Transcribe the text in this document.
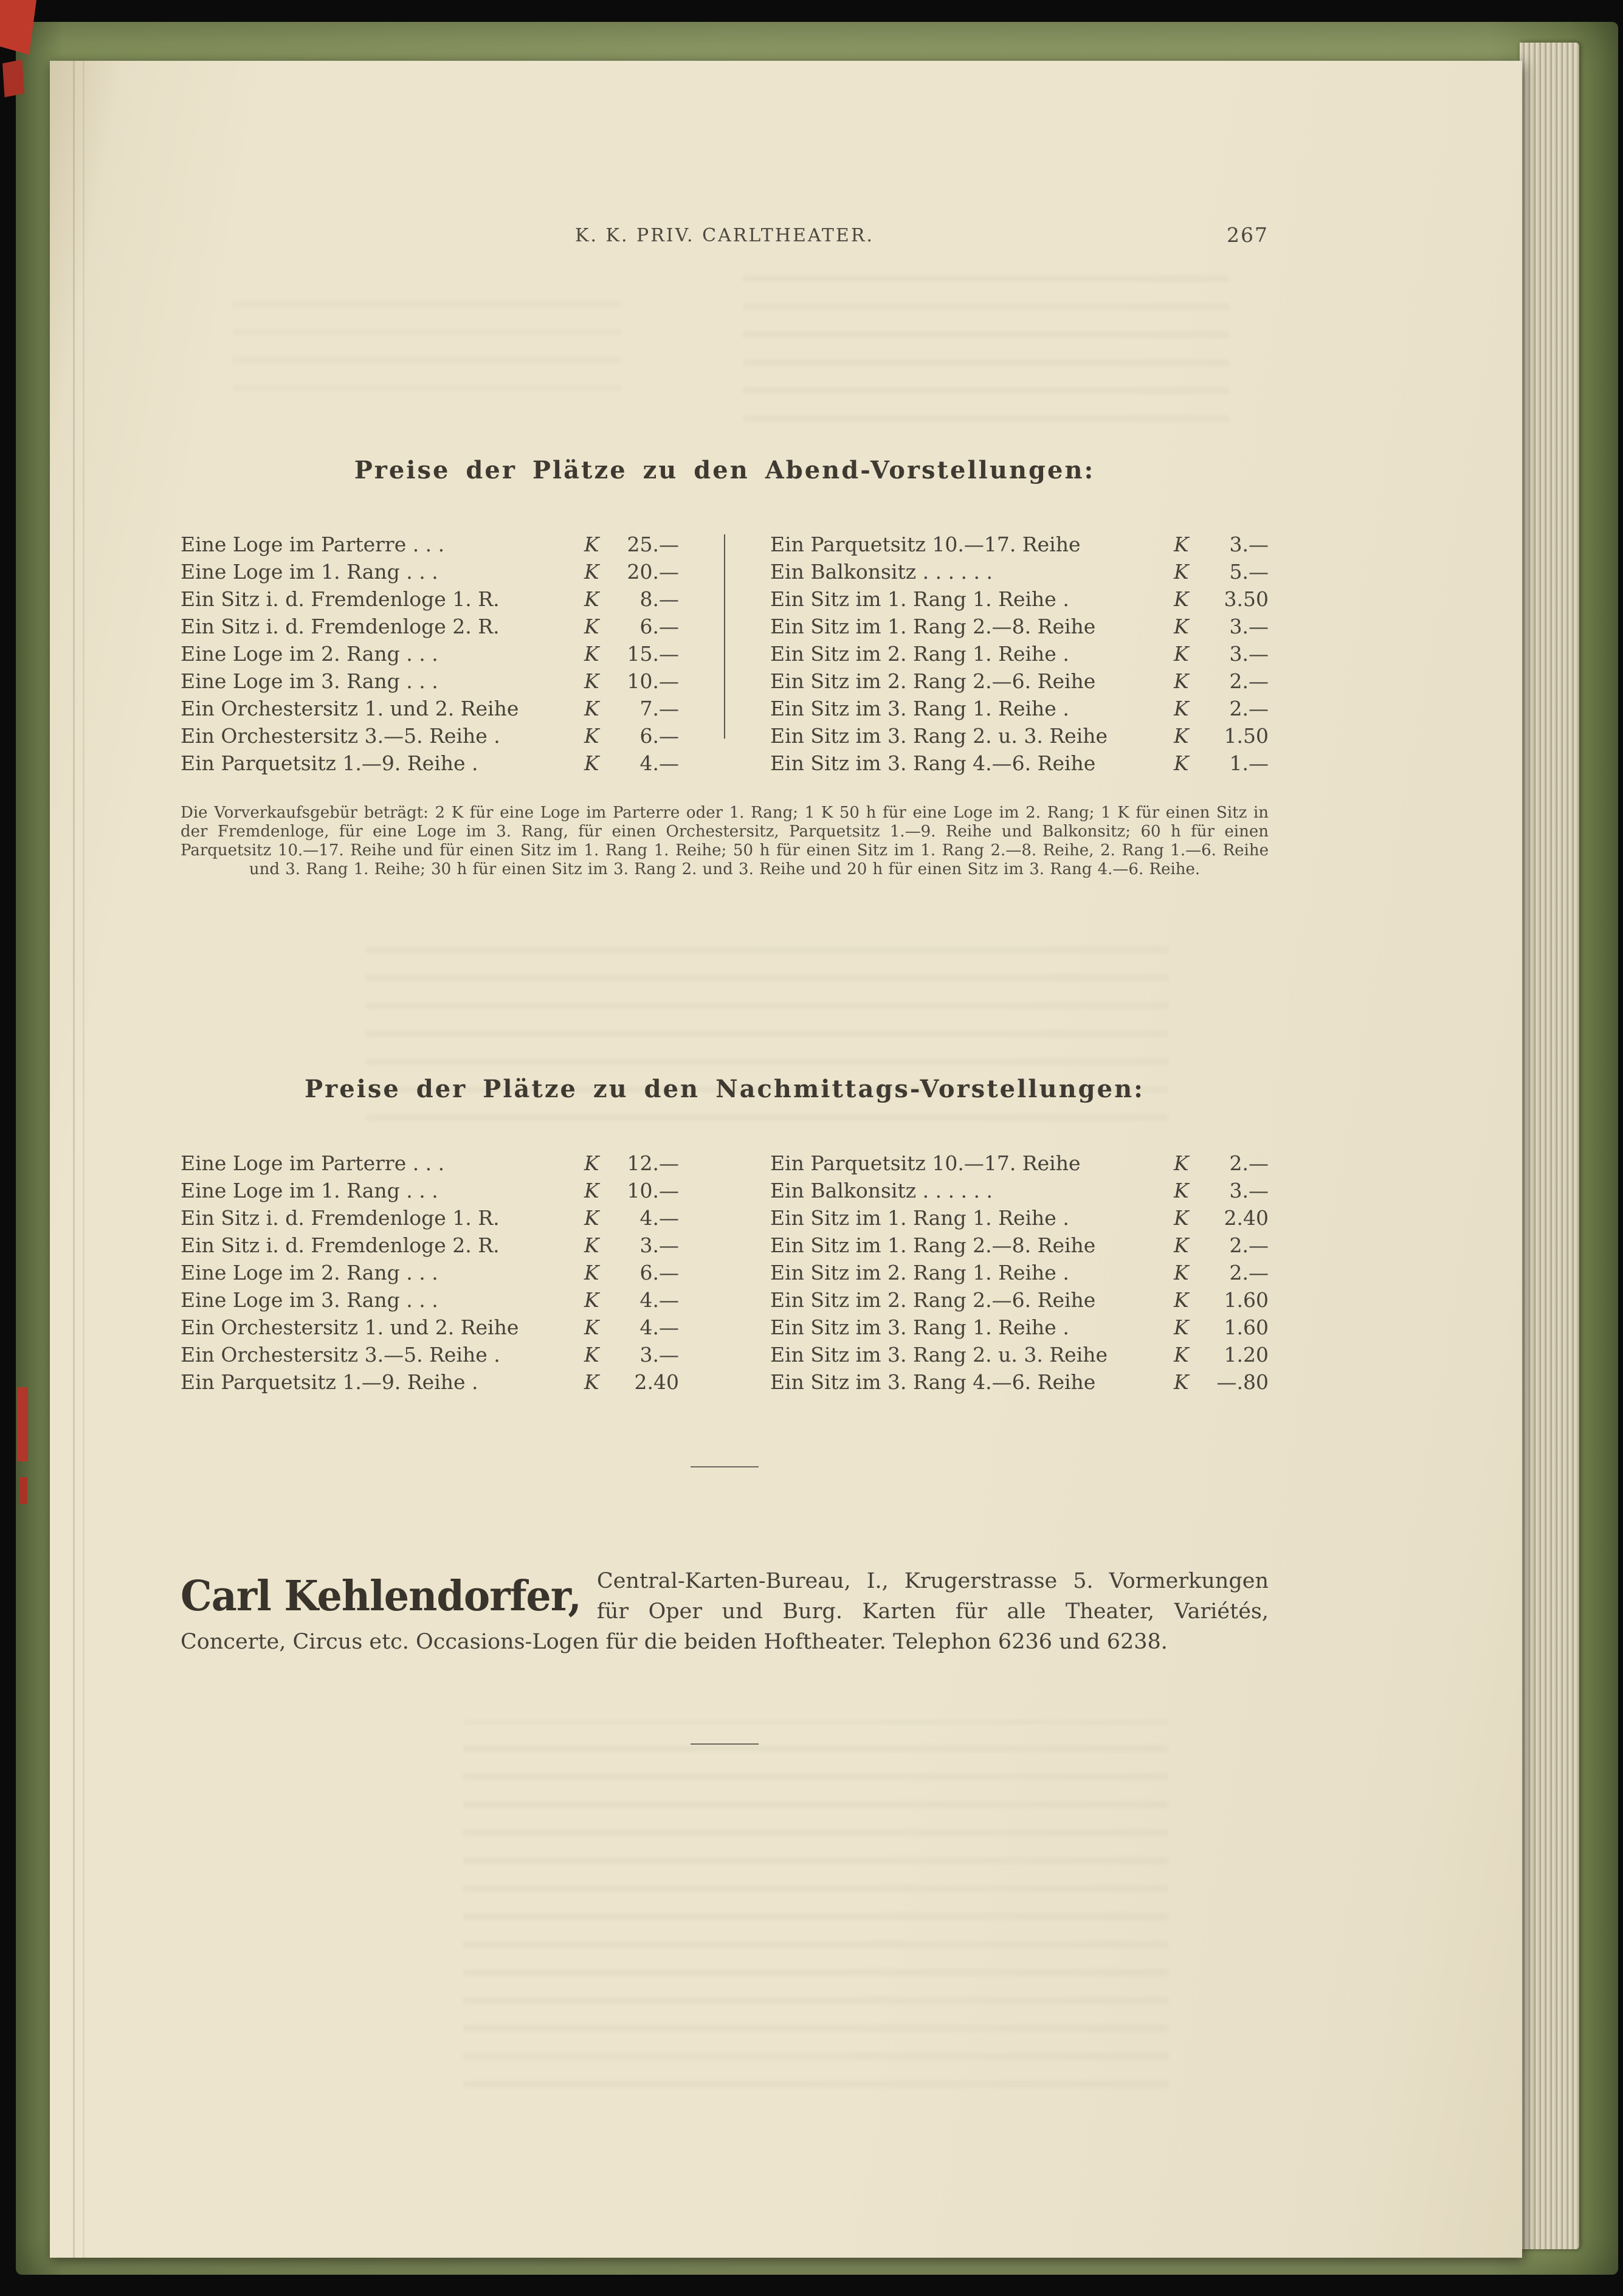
K. K. PRIV. CARLTHEATER.	267
Preise der Plätze zu den Abend-Vorstellungen:
Eine Loge im Parterre . . .	K	25.—
Eine Loge im 1. Rang . . .	K	20.—
Ein Sitz i. d. Fremdenloge 1. R.	K	8.—
Ein Sitz i. d. Fremdenloge 2. R.	K	6.—
Eine Loge im 2. Rang . . .	K	15.—
Eine Loge im 3. Rang . . .	K	10.—
Ein Orchestersitz 1. und 2. Reihe	K	7.—
Ein Orchestersitz 3.—5. Reihe .	K	6.—
Ein Parquetsitz 1.—9. Reihe .	K	4.—
Ein Parquetsitz 10.—17. Reihe	K	3.—
Ein Balkonsitz . . . . . .	K	5.—
Ein Sitz im 1. Rang 1. Reihe .	K	3.50
Ein Sitz im 1. Rang 2.—8. Reihe	K	3.—
Ein Sitz im 2. Rang 1. Reihe .	K	3.—
Ein Sitz im 2. Rang 2.—6. Reihe	K	2.—
Ein Sitz im 3. Rang 1. Reihe .	K	2.—
Ein Sitz im 3. Rang 2. u. 3. Reihe	K	1.50
Ein Sitz im 3. Rang 4.—6. Reihe	K	1.—

Die Vorverkaufsgebür beträgt: 2 K für eine Loge im Parterre oder 1. Rang; 1 K 50 h für eine Loge im 2. Rang; 1 K für einen Sitz in der Fremdenloge, für eine Loge im 3. Rang, für einen Orchestersitz, Parquetsitz 1.—9. Reihe und Balkonsitz; 60 h für einen Parquetsitz 10.—17. Reihe und für einen Sitz im 1. Rang 1. Reihe; 50 h für einen Sitz im 1. Rang 2.—8. Reihe, 2. Rang 1.—6. Reihe und 3. Rang 1. Reihe; 30 h für einen Sitz im 3. Rang 2. und 3. Reihe und 20 h für einen Sitz im 3. Rang 4.—6. Reihe.

Preise der Plätze zu den Nachmittags-Vorstellungen:
Eine Loge im Parterre . . .	K	12.—
Eine Loge im 1. Rang . . .	K	10.—
Ein Sitz i. d. Fremdenloge 1. R.	K	4.—
Ein Sitz i. d. Fremdenloge 2. R.	K	3.—
Eine Loge im 2. Rang . . .	K	6.—
Eine Loge im 3. Rang . . .	K	4.—
Ein Orchestersitz 1. und 2. Reihe	K	4.—
Ein Orchestersitz 3.—5. Reihe .	K	3.—
Ein Parquetsitz 1.—9. Reihe .	K	2.40
Ein Parquetsitz 10.—17. Reihe	K	2.—
Ein Balkonsitz . . . . . .	K	3.—
Ein Sitz im 1. Rang 1. Reihe .	K	2.40
Ein Sitz im 1. Rang 2.—8. Reihe	K	2.—
Ein Sitz im 2. Rang 1. Reihe .	K	2.—
Ein Sitz im 2. Rang 2.—6. Reihe	K	1.60
Ein Sitz im 3. Rang 1. Reihe .	K	1.60
Ein Sitz im 3. Rang 2. u. 3. Reihe	K	1.20
Ein Sitz im 3. Rang 4.—6. Reihe	K	—.80
Carl Kehlendorfer, Central-Karten-Bureau, I., Krugerstrasse 5. Vormerkungen für Oper und Burg. Karten für alle Theater, Variétés, Concerte, Circus etc. Occasions-Logen für die beiden Hoftheater. Telephon 6236 und 6238.
